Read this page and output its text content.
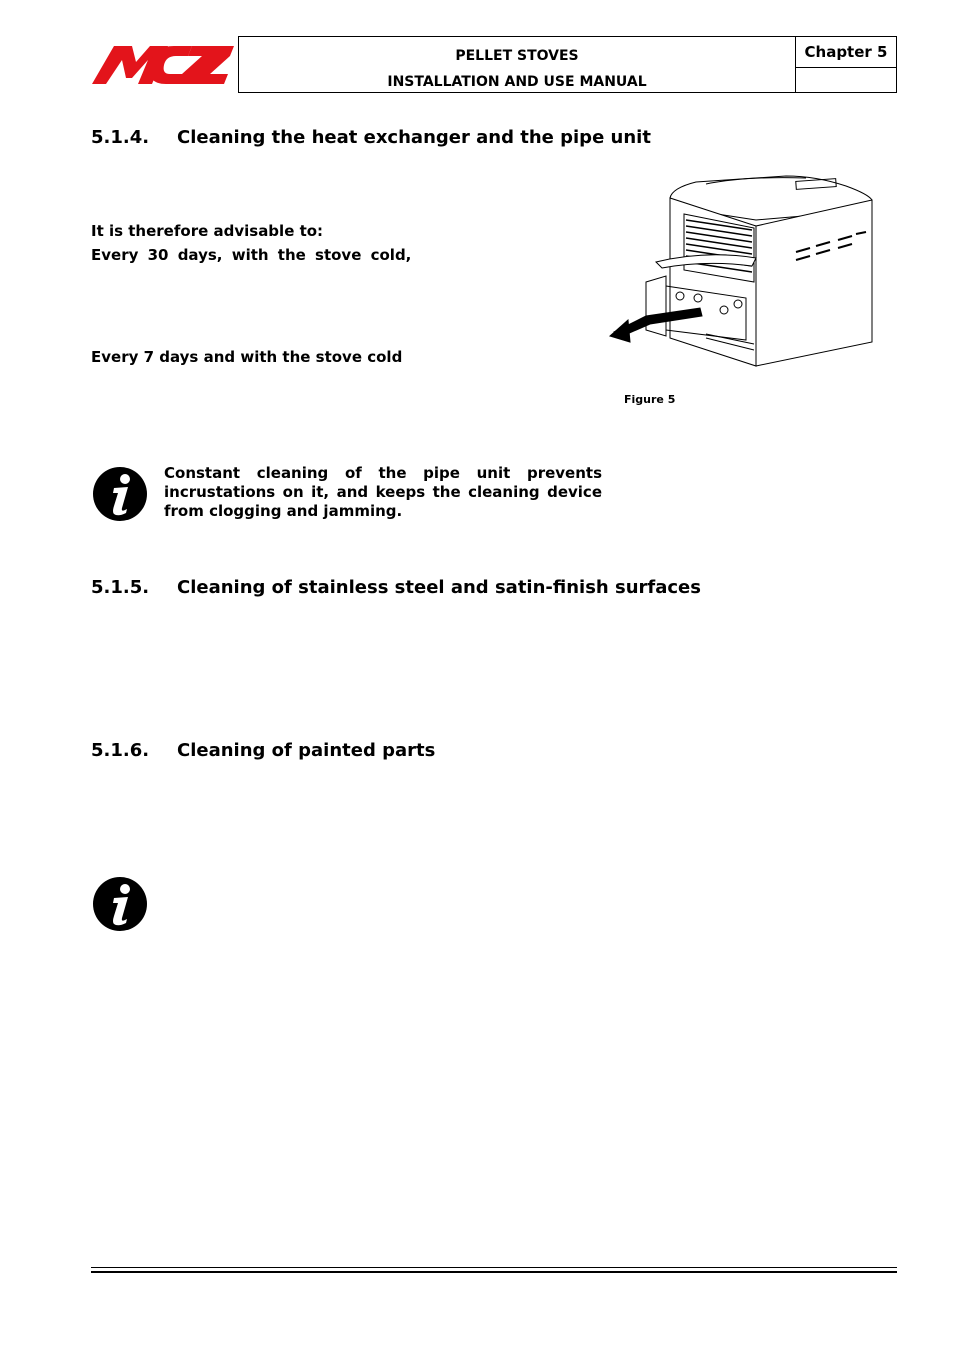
PELLET STOVES
INSTALLATION AND USE MANUAL
Chapter 5
5.1.4. Cleaning the heat exchanger and the pipe unit
It is therefore advisable to:
Every 30 days, with the stove cold,
Every 7 days and with the stove cold
Figure 5
Constant cleaning of the pipe unit prevents incrustations on it, and keeps the cleaning device from clogging and jamming.
5.1.5. Cleaning of stainless steel and satin-finish surfaces
5.1.6. Cleaning of painted parts
